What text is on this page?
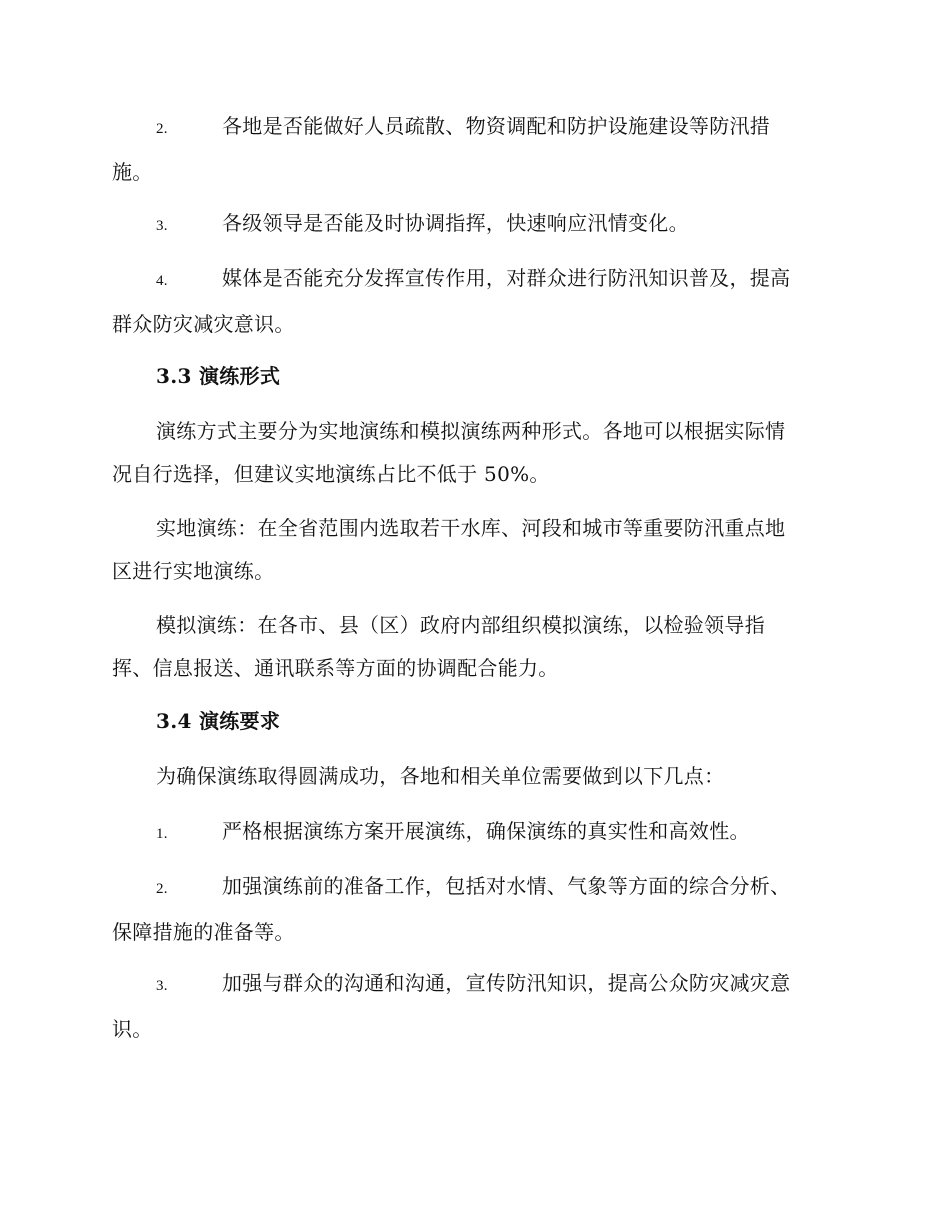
2.	各地是否能做好人员疏散、物资调配和防护设施建设等防汛措
施。
3.	各级领导是否能及时协调指挥，快速响应汛情变化。
4.	媒体是否能充分发挥宣传作用，对群众进行防汛知识普及，提高
群众防灾减灾意识。
3.3 演练形式
演练方式主要分为实地演练和模拟演练两种形式。各地可以根据实际情
况自行选择，但建议实地演练占比不低于 50%。
实地演练：在全省范围内选取若干水库、河段和城市等重要防汛重点地
区进行实地演练。
模拟演练：在各市、县（区）政府内部组织模拟演练，以检验领导指
挥、信息报送、通讯联系等方面的协调配合能力。
3.4 演练要求
为确保演练取得圆满成功，各地和相关单位需要做到以下几点：
1.	严格根据演练方案开展演练，确保演练的真实性和高效性。
2.	加强演练前的准备工作，包括对水情、气象等方面的综合分析、
保障措施的准备等。
3.	加强与群众的沟通和沟通，宣传防汛知识，提高公众防灾减灾意
识。
